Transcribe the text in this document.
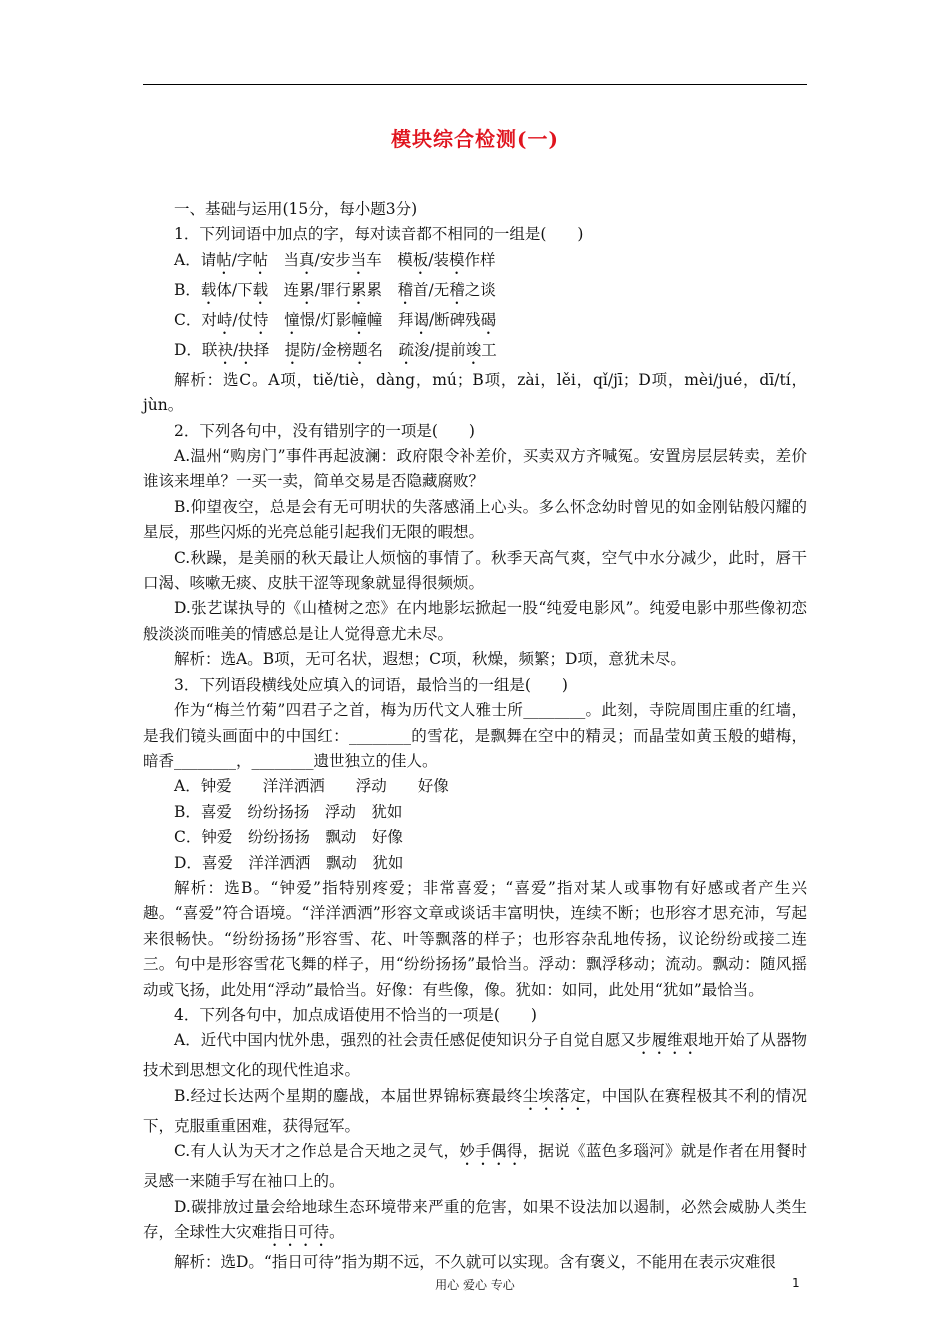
模块综合检测(一)

一、基础与运用(15分，每小题3分)

1．下列词语中加点的字，每对读音都不相同的一组是(　　)

A．请帖/字帖　当真/安步当车　模板/装模作样

B．载体/下载　连累/罪行累累　稽首/无稽之谈

C．对峙/仗恃　 憧憬/灯影幢幢　拜谒/断碑残碣

D．联袂/抉择　提防/金榜题名　疏浚/提前竣工

解析：选C。A项，tiě/tiè，dàng，mú；B项，zài，lěi，qǐ/jī；D项，mèi/jué，dī/tí，jùn。

2．下列各句中，没有错别字的一项是(　　)

A.温州“购房门”事件再起波澜：政府限令补差价，买卖双方齐喊冤。安置房层层转卖，差价谁该来埋单？一买一卖，简单交易是否隐藏腐败？

B.仰望夜空，总是会有无可明状的失落感涌上心头。多么怀念幼时曾见的如金刚钻般闪耀的星辰，那些闪烁的光亮总能引起我们无限的暇想。

C.秋躁，是美丽的秋天最让人烦恼的事情了。秋季天高气爽，空气中水分减少，此时，唇干口渴、咳嗽无痰、皮肤干涩等现象就显得很频烦。

D.张艺谋执导的《山楂树之恋》在内地影坛掀起一股“纯爱电影风”。纯爱电影中那些像初恋般淡淡而唯美的情感总是让人觉得意尤未尽。

解析：选A。B项，无可名状，遐想；C项，秋燥，频繁；D项，意犹未尽。

3．下列语段横线处应填入的词语，最恰当的一组是(　　)

作为“梅兰竹菊”四君子之首，梅为历代文人雅士所________。此刻，寺院周围庄重的红墙，是我们镜头画面中的中国红：________的雪花，是飘舞在空中的精灵；而晶莹如黄玉般的蜡梅，暗香________，________遗世独立的佳人。

A．钟爱　　洋洋洒洒　　浮动　　好像

B．喜爱　纷纷扬扬　浮动　犹如

C．钟爱　纷纷扬扬　飘动　好像

D．喜爱　洋洋洒洒　飘动　犹如

解析：选B。“钟爱”指特别疼爱；非常喜爱；“喜爱”指对某人或事物有好感或者产生兴趣。“喜爱”符合语境。“洋洋洒洒”形容文章或谈话丰富明快，连续不断；也形容才思充沛，写起来很畅快。“纷纷扬扬”形容雪、花、叶等飘落的样子；也形容杂乱地传扬，议论纷纷或接二连三。句中是形容雪花飞舞的样子，用“纷纷扬扬”最恰当。浮动：飘浮移动；流动。飘动：随风摇动或飞扬，此处用“浮动”最恰当。好像：有些像，像。犹如：如同，此处用“犹如”最恰当。

4．下列各句中，加点成语使用不恰当的一项是(　　)

A．近代中国内忧外患，强烈的社会责任感促使知识分子自觉自愿又步履维艰地开始了从器物技术到思想文化的现代性追求。

B.经过长达两个星期的鏖战，本届世界锦标赛最终尘埃落定，中国队在赛程极其不利的情况下，克服重重困难，获得冠军。

C.有人认为天才之作总是合天地之灵气，妙手偶得，据说《蓝色多瑙河》就是作者在用餐时灵感一来随手写在袖口上的。

D.碳排放过量会给地球生态环境带来严重的危害，如果不设法加以遏制，必然会威胁人类生存，全球性大灾难指日可待。

解析：选D。“指日可待”指为期不远，不久就可以实现。含有褒义，不能用在表示灾难很

用心 爱心 专心	1
